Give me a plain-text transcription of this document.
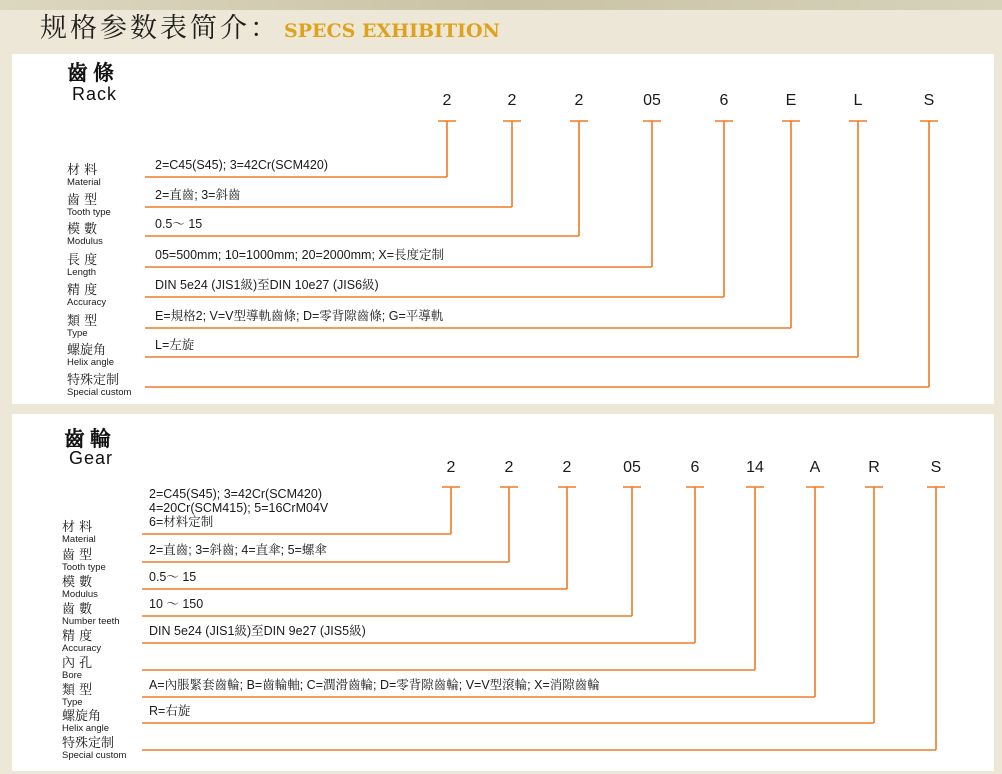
规格参数表简介： SPECS EXHIBITION
齒條
Rack	2	2	2	05	6	E	L	S
材 料
Material
2=C45(S45); 3=42Cr(SCM420)
齒 型
Tooth type
2=直齒; 3=斜齒
模 數
Modulus
0.5～ 15
長 度
Length
05=500mm; 10=1000mm; 20=2000mm; X=長度定制
精 度
Accuracy
DIN 5e24 (JIS1級)至DIN 10e27 (JIS6級)
類 型
Type
E=規格2; V=V型導軌齒條; D=零背隙齒條; G=平導軌
螺旋角
Helix angle
L=左旋
特殊定制
Special custom
齒輪
Gear	2	2	2	05	6	14	A	R	S
材 料
Material
2=C45(S45); 3=42Cr(SCM420)
4=20Cr(SCM415); 5=16CrM04V
6=材料定制
齒 型
Tooth type
2=直齒; 3=斜齒; 4=直傘; 5=螺傘
模 數
Modulus
0.5～ 15
齒 數
Number teeth
10 ～ 150
精 度
Accuracy
DIN 5e24 (JIS1級)至DIN 9e27 (JIS5級)
內 孔
Bore
類 型
Type
A=內脹緊套齒輪; B=齒輪軸; C=潤滑齒輪; D=零背隙齒輪; V=V型滾輪; X=消隙齒輪
螺旋角
Helix angle
R=右旋
特殊定制
Special custom
